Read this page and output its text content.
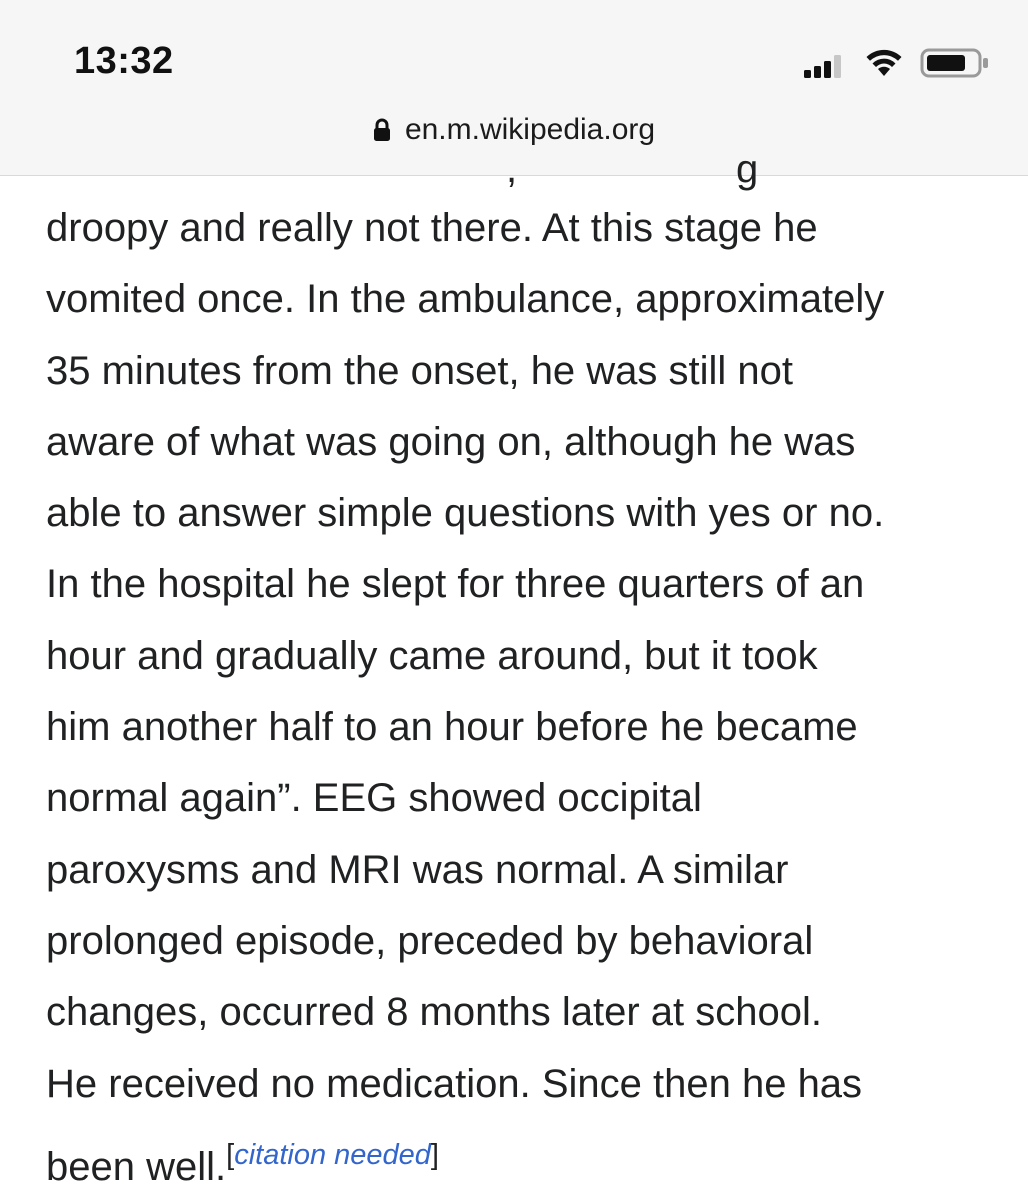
13:32
en.m.wikipedia.org
,	g
droopy and really not there. At this stage he
vomited once. In the ambulance, approximately
35 minutes from the onset, he was still not
aware of what was going on, although he was
able to answer simple questions with yes or no.
In the hospital he slept for three quarters of an
hour and gradually came around, but it took
him another half to an hour before he became
normal again”. EEG showed occipital
paroxysms and MRI was normal. A similar
prolonged episode, preceded by behavioral
changes, occurred 8 months later at school.
He received no medication. Since then he has
been well.[citation needed]
